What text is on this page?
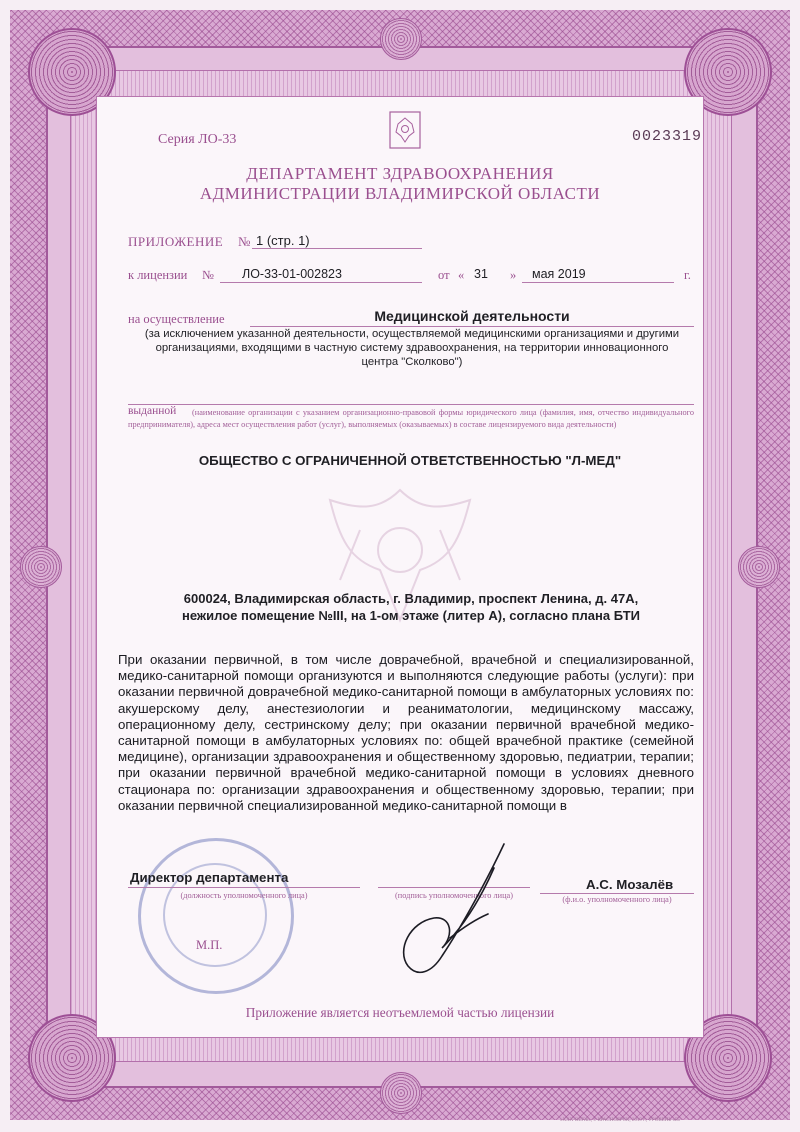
Серия ЛО-33	0023319
ДЕПАРТАМЕНТ ЗДРАВООХРАНЕНИЯ
АДМИНИСТРАЦИИ ВЛАДИМИРСКОЙ ОБЛАСТИ
ПРИЛОЖЕНИЕ № 1 (стр. 1)
к лицензии № ЛО-33-01-002823	от « 31 » мая 2019	г.
на осуществление	Медицинской деятельности
(за исключением указанной деятельности, осуществляемой медицинскими организациями и другими организациями, входящими в частную систему здравоохранения, на территории инновационного центра "Сколково")
выданной	(наименование организации с указанием организационно-правовой формы юридического лица (фамилия, имя, отчество индивидуального предпринимателя), адреса мест осуществления работ (услуг), выполняемых (оказываемых) в составе лицензируемого вида деятельности)
ОБЩЕСТВО С ОГРАНИЧЕННОЙ ОТВЕТСТВЕННОСТЬЮ "Л-МЕД"
600024, Владимирская область, г. Владимир, проспект Ленина, д. 47А,
нежилое помещение №III, на 1-ом этаже (литер А), согласно плана БТИ
При оказании первичной, в том числе доврачебной, врачебной и специализированной, медико-санитарной помощи организуются и выполняются следующие работы (услуги): при оказании первичной доврачебной медико-санитарной помощи в амбулаторных условиях по: акушерскому делу, анестезиологии и реаниматологии, медицинскому массажу, операционному делу, сестринскому делу; при оказании первичной врачебной медико-санитарной помощи в амбулаторных условиях по: общей врачебной практике (семейной медицине), организации здравоохранения и общественному здоровью, педиатрии, терапии; при оказании первичной врачебной медико-санитарной помощи в условиях дневного стационара по: организации здравоохранения и общественному здоровью, терапии; при оказании первичной специализированной медико-санитарной помощи в
Директор департамента
(должность уполномоченного лица)	(подпись уполномоченного лица)
А.С. Мозалёв
(ф.и.о. уполномоченного лица)
М.П.
Приложение является неотъемлемой частью лицензии
«ХХХ-ВЕРЖ», г. КРАСНОЯРСК, 2019 г., УРОВЕНЬ «Б»
